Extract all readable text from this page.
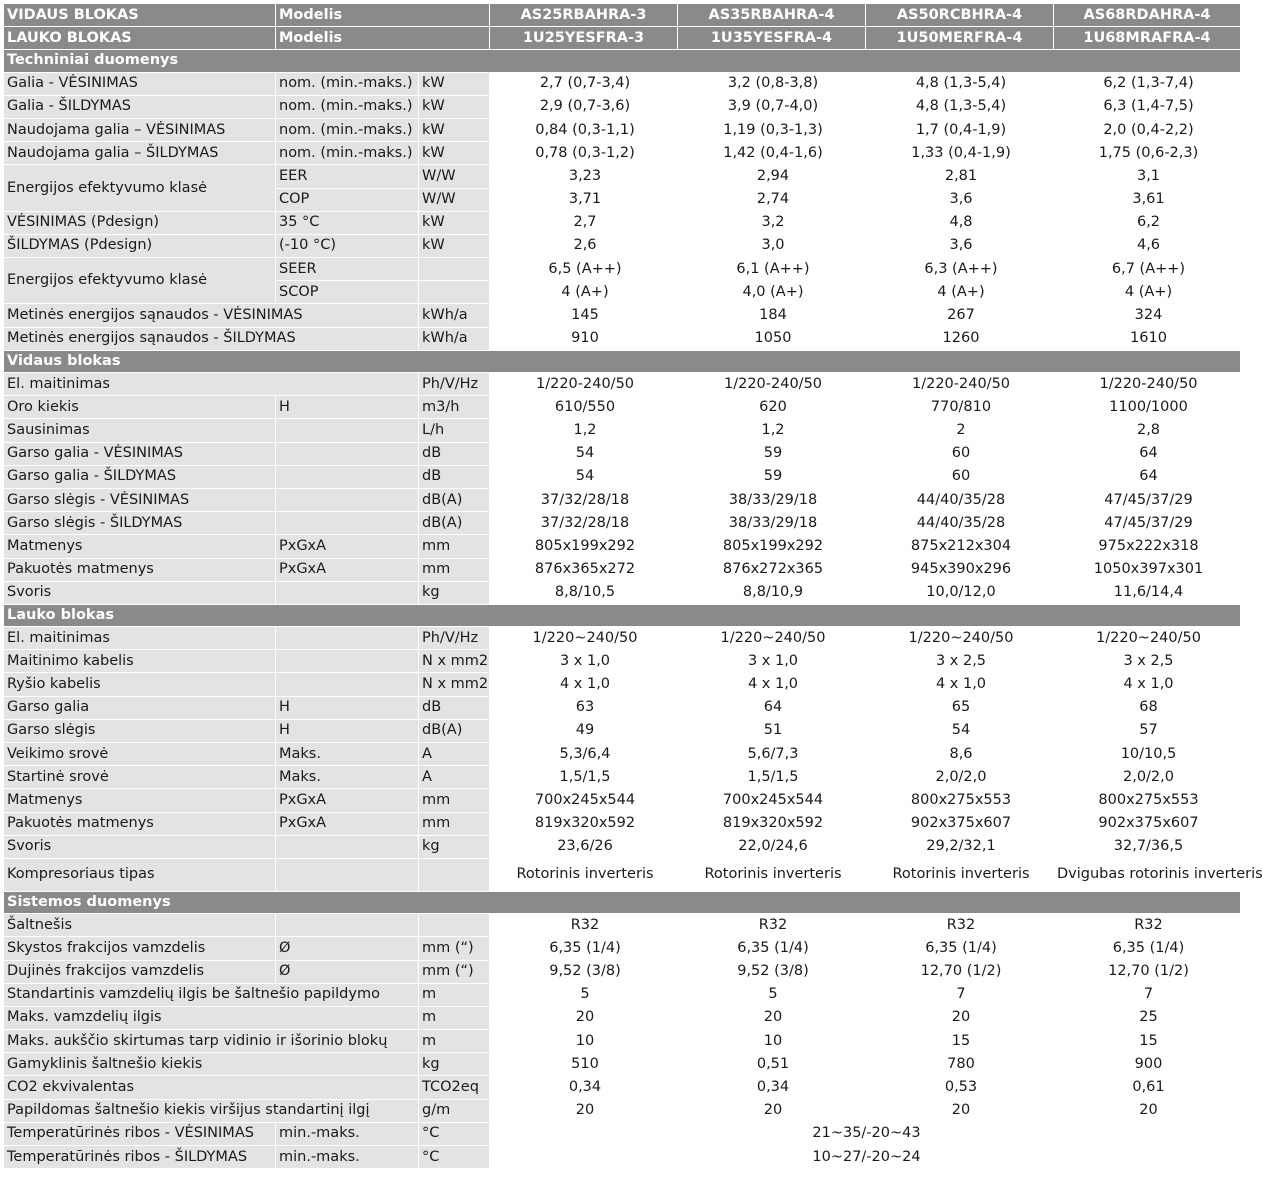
VIDAUS BLOKAS	Modelis		AS25RBAHRA-3	AS35RBAHRA-4	AS50RCBHRA-4	AS68RDAHRA-4
LAUKO BLOKAS	Modelis		1U25YESFRA-3	1U35YESFRA-4	1U50MERFRA-4	1U68MRAFRA-4
Techniniai duomenys						
Galia - VĖSINIMAS	nom. (min.-maks.)	kW	2,7 (0,7-3,4)	3,2 (0,8-3,8)	4,8 (1,3-5,4)	6,2 (1,3-7,4)
Galia - ŠILDYMAS	nom. (min.-maks.)	kW	2,9 (0,7-3,6)	3,9 (0,7-4,0)	4,8 (1,3-5,4)	6,3 (1,4-7,5)
Naudojama galia – VĖSINIMAS	nom. (min.-maks.)	kW	0,84 (0,3-1,1)	1,19 (0,3-1,3)	1,7 (0,4-1,9)	2,0 (0,4-2,2)
Naudojama galia – ŠILDYMAS	nom. (min.-maks.)	kW	0,78 (0,3-1,2)	1,42 (0,4-1,6)	1,33 (0,4-1,9)	1,75 (0,6-2,3)
Energijos efektyvumo klasė	EER	W/W	3,23	2,94	2,81	3,1
	COP	W/W	3,71	2,74	3,6	3,61
VĖSINIMAS (Pdesign)	35 °C	kW	2,7	3,2	4,8	6,2
ŠILDYMAS (Pdesign)	(-10 °C)	kW	2,6	3,0	3,6	4,6
Energijos efektyvumo klasė	SEER		6,5 (A++)	6,1 (A++)	6,3 (A++)	6,7 (A++)
	SCOP		4 (A+)	4,0 (A+)	4 (A+)	4 (A+)
Metinės energijos sąnaudos - VĖSINIMAS		kWh/a	145	184	267	324
Metinės energijos sąnaudos - ŠILDYMAS		kWh/a	910	1050	1260	1610
Vidaus blokas						
El. maitinimas		Ph/V/Hz	1/220-240/50	1/220-240/50	1/220-240/50	1/220-240/50
Oro kiekis	H	m3/h	610/550	620	770/810	1100/1000
Sausinimas		L/h	1,2	1,2	2	2,8
Garso galia - VĖSINIMAS		dB	54	59	60	64
Garso galia - ŠILDYMAS		dB	54	59	60	64
Garso slėgis - VĖSINIMAS		dB(A)	37/32/28/18	38/33/29/18	44/40/35/28	47/45/37/29
Garso slėgis - ŠILDYMAS		dB(A)	37/32/28/18	38/33/29/18	44/40/35/28	47/45/37/29
Matmenys	PxGxA	mm	805x199x292	805x199x292	875x212x304	975x222x318
Pakuotės matmenys	PxGxA	mm	876x365x272	876x272x365	945x390x296	1050x397x301
Svoris		kg	8,8/10,5	8,8/10,9	10,0/12,0	11,6/14,4
Lauko blokas						
El. maitinimas		Ph/V/Hz	1/220~240/50	1/220~240/50	1/220~240/50	1/220~240/50
Maitinimo kabelis		N x mm2	3 x 1,0	3 x 1,0	3 x 2,5	3 x 2,5
Ryšio kabelis		N x mm2	4 x 1,0	4 x 1,0	4 x 1,0	4 x 1,0
Garso galia	H	dB	63	64	65	68
Garso slėgis	H	dB(A)	49	51	54	57
Veikimo srovė	Maks.	A	5,3/6,4	5,6/7,3	8,6	10/10,5
Startinė srovė	Maks.	A	1,5/1,5	1,5/1,5	2,0/2,0	2,0/2,0
Matmenys	PxGxA	mm	700x245x544	700x245x544	800x275x553	800x275x553
Pakuotės matmenys	PxGxA	mm	819x320x592	819x320x592	902x375x607	902x375x607
Svoris		kg	23,6/26	22,0/24,6	29,2/32,1	32,7/36,5
Kompresoriaus tipas			Rotorinis inverteris	Rotorinis inverteris	Rotorinis inverteris	Dvigubas rotorinis inverteris
Sistemos duomenys						
Šaltnešis			R32	R32	R32	R32
Skystos frakcijos vamzdelis	Ø	mm (“)	6,35 (1/4)	6,35 (1/4)	6,35 (1/4)	6,35 (1/4)
Dujinės frakcijos vamzdelis	Ø	mm (“)	9,52 (3/8)	9,52 (3/8)	12,70 (1/2)	12,70 (1/2)
Standartinis vamzdelių ilgis be šaltnešio papildymo		m	5	5	7	7
Maks. vamzdelių ilgis		m	20	20	20	25
Maks. aukščio skirtumas tarp vidinio ir išorinio blokų		m	10	10	15	15
Gamyklinis šaltnešio kiekis		kg	510	0,51	780	900
CO2 ekvivalentas		TCO2eq	0,34	0,34	0,53	0,61
Papildomas šaltnešio kiekis viršijus standartinį ilgį		g/m	20	20	20	20
Temperatūrinės ribos - VĖSINIMAS	min.-maks.	°C	21~35/-20~43			
Temperatūrinės ribos - ŠILDYMAS	min.-maks.	°C	10~27/-20~24			
